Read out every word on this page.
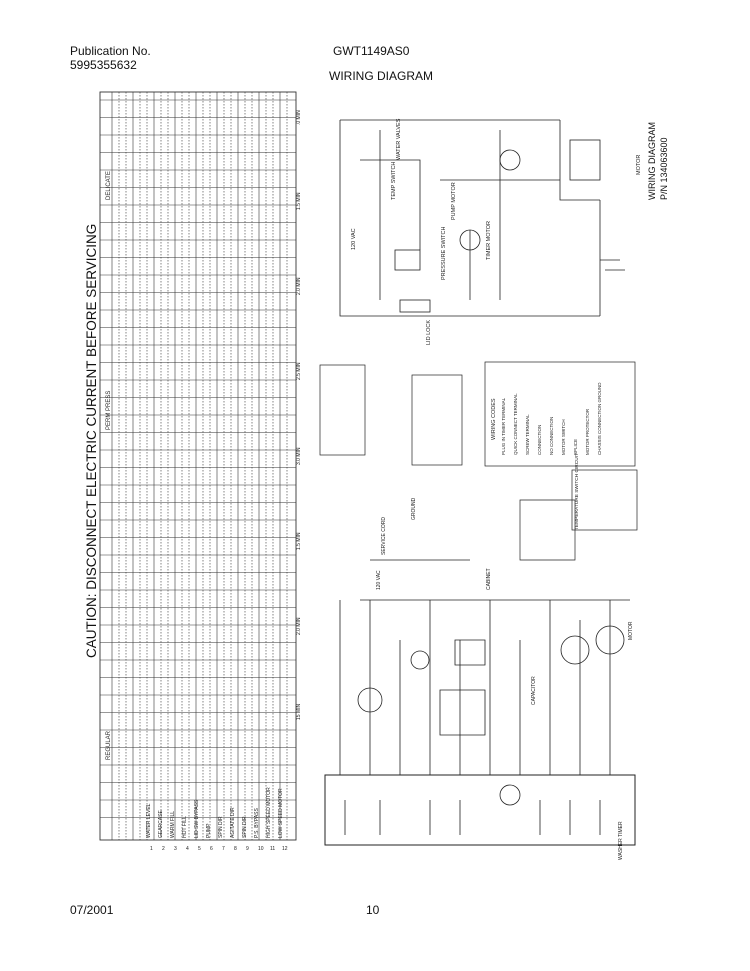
Publication No.
5995355632
GWT1149AS0
WIRING DIAGRAM
CAUTION: DISCONNECT ELECTRIC CURRENT BEFORE SERVICING
REGULAR
PERM PRESS
DELICATE
WATER LEVEL
1
GEARCASE
2
WARM FILL
3
HOT FILL
4
LID SW BYPASS
5
PUMP
6
SPIN DIR
7
AGITATE DIR
8
SPIN DIR
9
P.S. BYPASS
10
HIGH SPEED MOTOR
11
LOW SPEED MOTOR
12
.0 MIN
1.5 MIN
2.0 MIN
2.5 MIN
3.0 MIN
1.5 MIN
2.0 MIN
15 MIN
WATER VALVES
TEMP SWITCH
PUMP MOTOR
TIMER MOTOR
PRESSURE SWITCH
LID LOCK
MOTOR
120 VAC
WIRING DIAGRAM P/N 134063600
WIRING CODES PLUG IN TIMER TERMINAL QUICK CONNECT TERMINAL SCREW TERMINAL CONNECTION NO CONNECTION MOTOR SWITCH SPLICE MOTOR PROTECTOR CHASSIS CONNECTION GROUND
TEMPERATURE SWITCH CIRCUIT
WASHER TIMER
CABINET
GROUND
SERVICE CORD
120 VAC
CAPACITOR
MOTOR
07/2001	10
